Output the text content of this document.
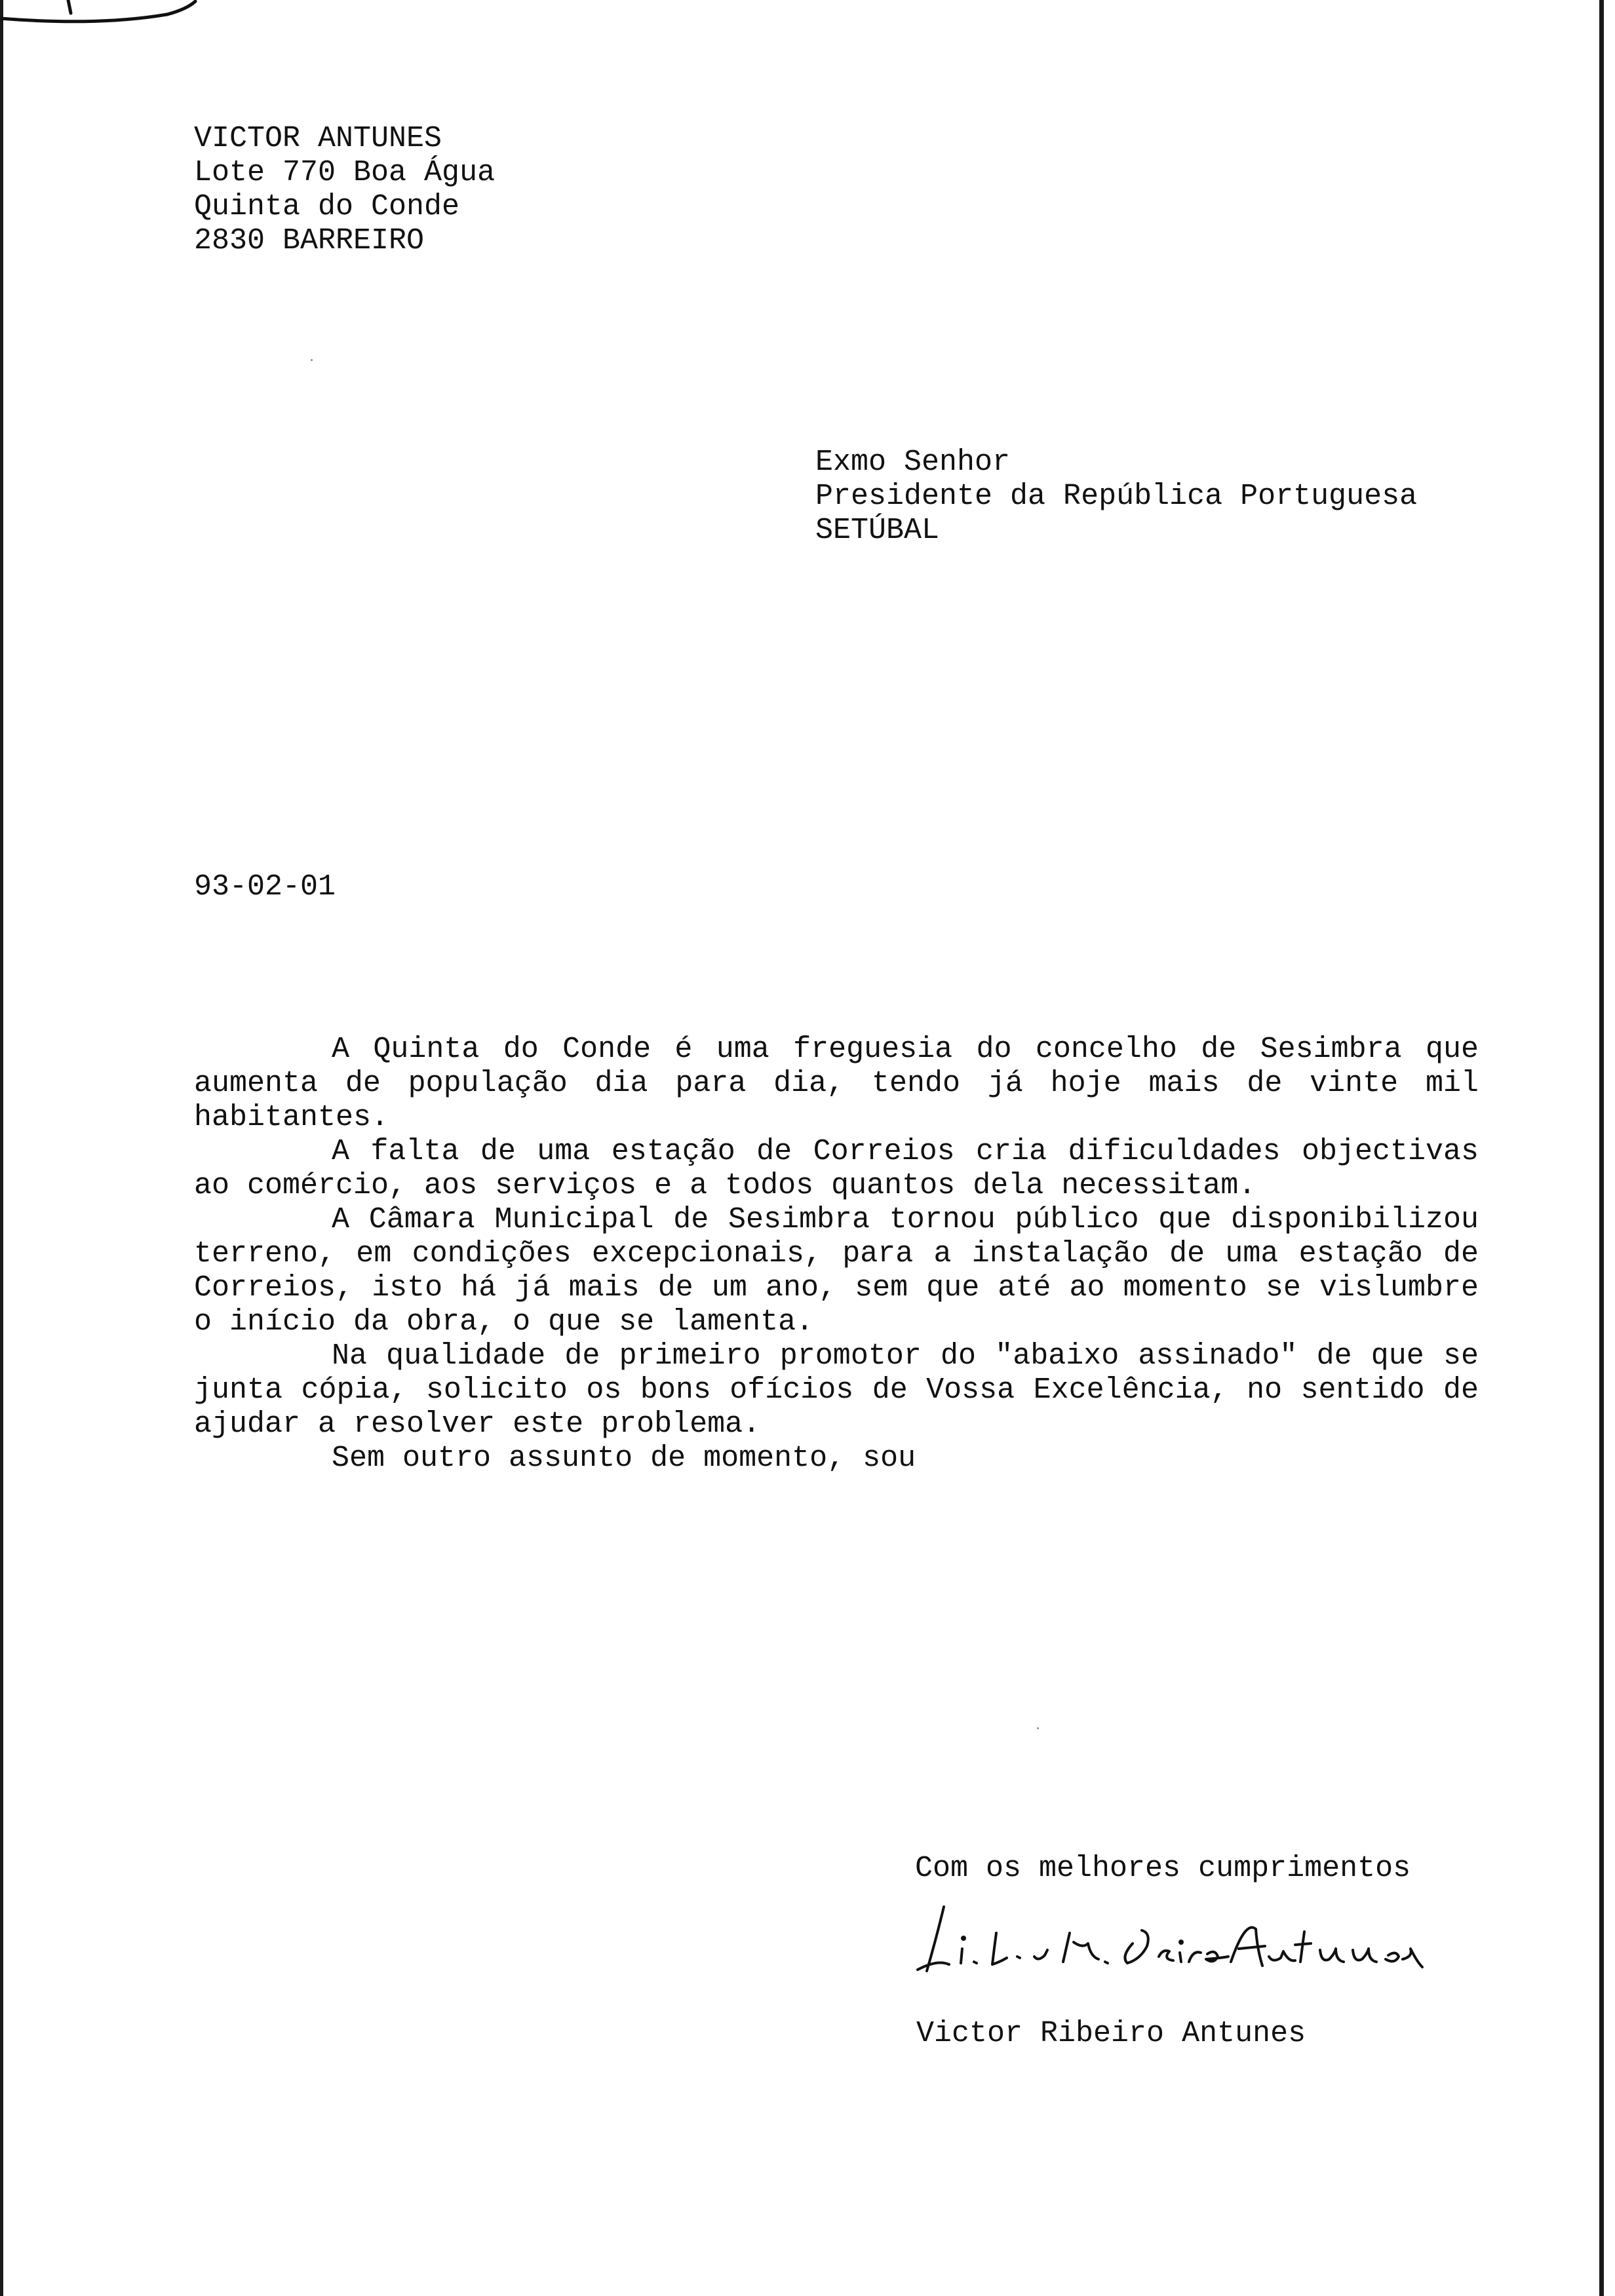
VICTOR ANTUNES
Lote 770 Boa Água
Quinta do Conde
2830 BARREIRO
Exmo Senhor
Presidente da República Portuguesa
SETÚBAL
93-02-01

A Quinta do Conde é uma freguesia do concelho de Sesimbra que aumenta de população dia para dia, tendo já hoje mais de vinte mil habitantes.

A falta de uma estação de Correios cria dificuldades objectivas ao comércio, aos serviços e a todos quantos dela necessitam.

A Câmara Municipal de Sesimbra tornou público que disponibilizou terreno, em condições excepcionais, para a instalação de uma estação de Correios, isto há já mais de um ano, sem que até ao momento se vislumbre o início da obra, o que se lamenta.

Na qualidade de primeiro promotor do "abaixo assinado" de que se junta cópia, solicito os bons ofícios de Vossa Excelência, no sentido de ajudar a resolver este problema.

Sem outro assunto de momento, sou

Com os melhores cumprimentos
Victor Ribeiro Antunes
